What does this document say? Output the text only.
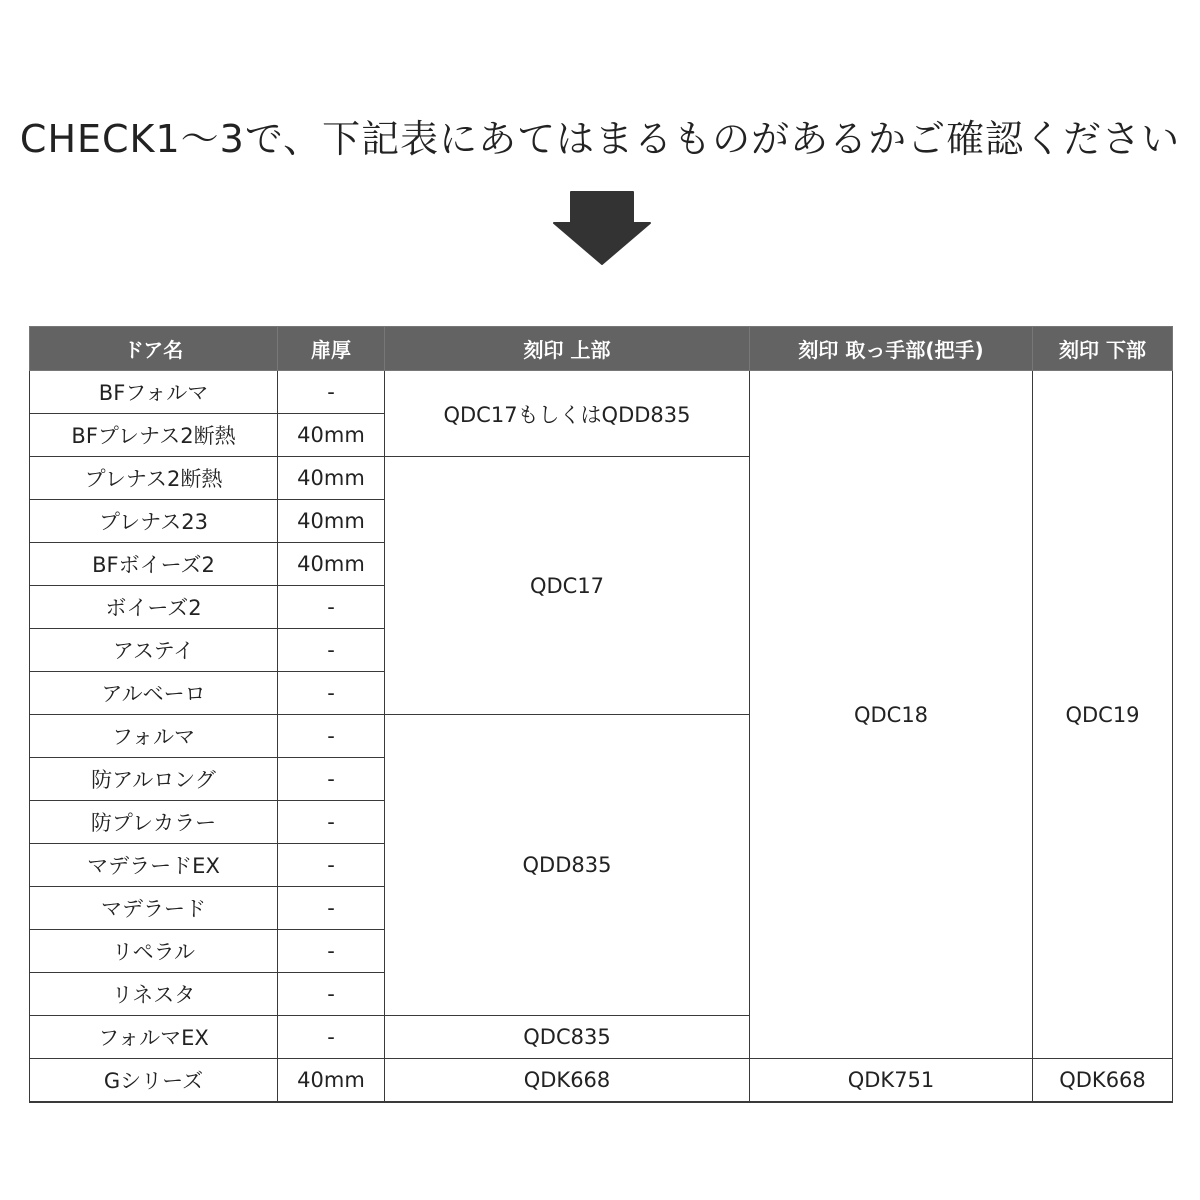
CHECK1〜3で、下記表にあてはまるものがあるかご確認ください
ドア名	扉厚	刻印 上部	刻印 取っ手部(把手)	刻印 下部
BFフォルマ	-	QDC17もしくはQDD835	QDC18	QDC19
BFプレナス2断熱	40mm			
プレナス2断熱	40mm	QDC17		
プレナス23	40mm			
BFボイーズ2	40mm			
ボイーズ2	-			
アステイ	-			
アルベーロ	-			
フォルマ	-	QDD835		
防アルロング	-			
防プレカラー	-			
マデラードEX	-			
マデラード	-			
リペラル	-			
リネスタ	-			
フォルマEX	-	QDC835		
Gシリーズ	40mm	QDK668	QDK751	QDK668
